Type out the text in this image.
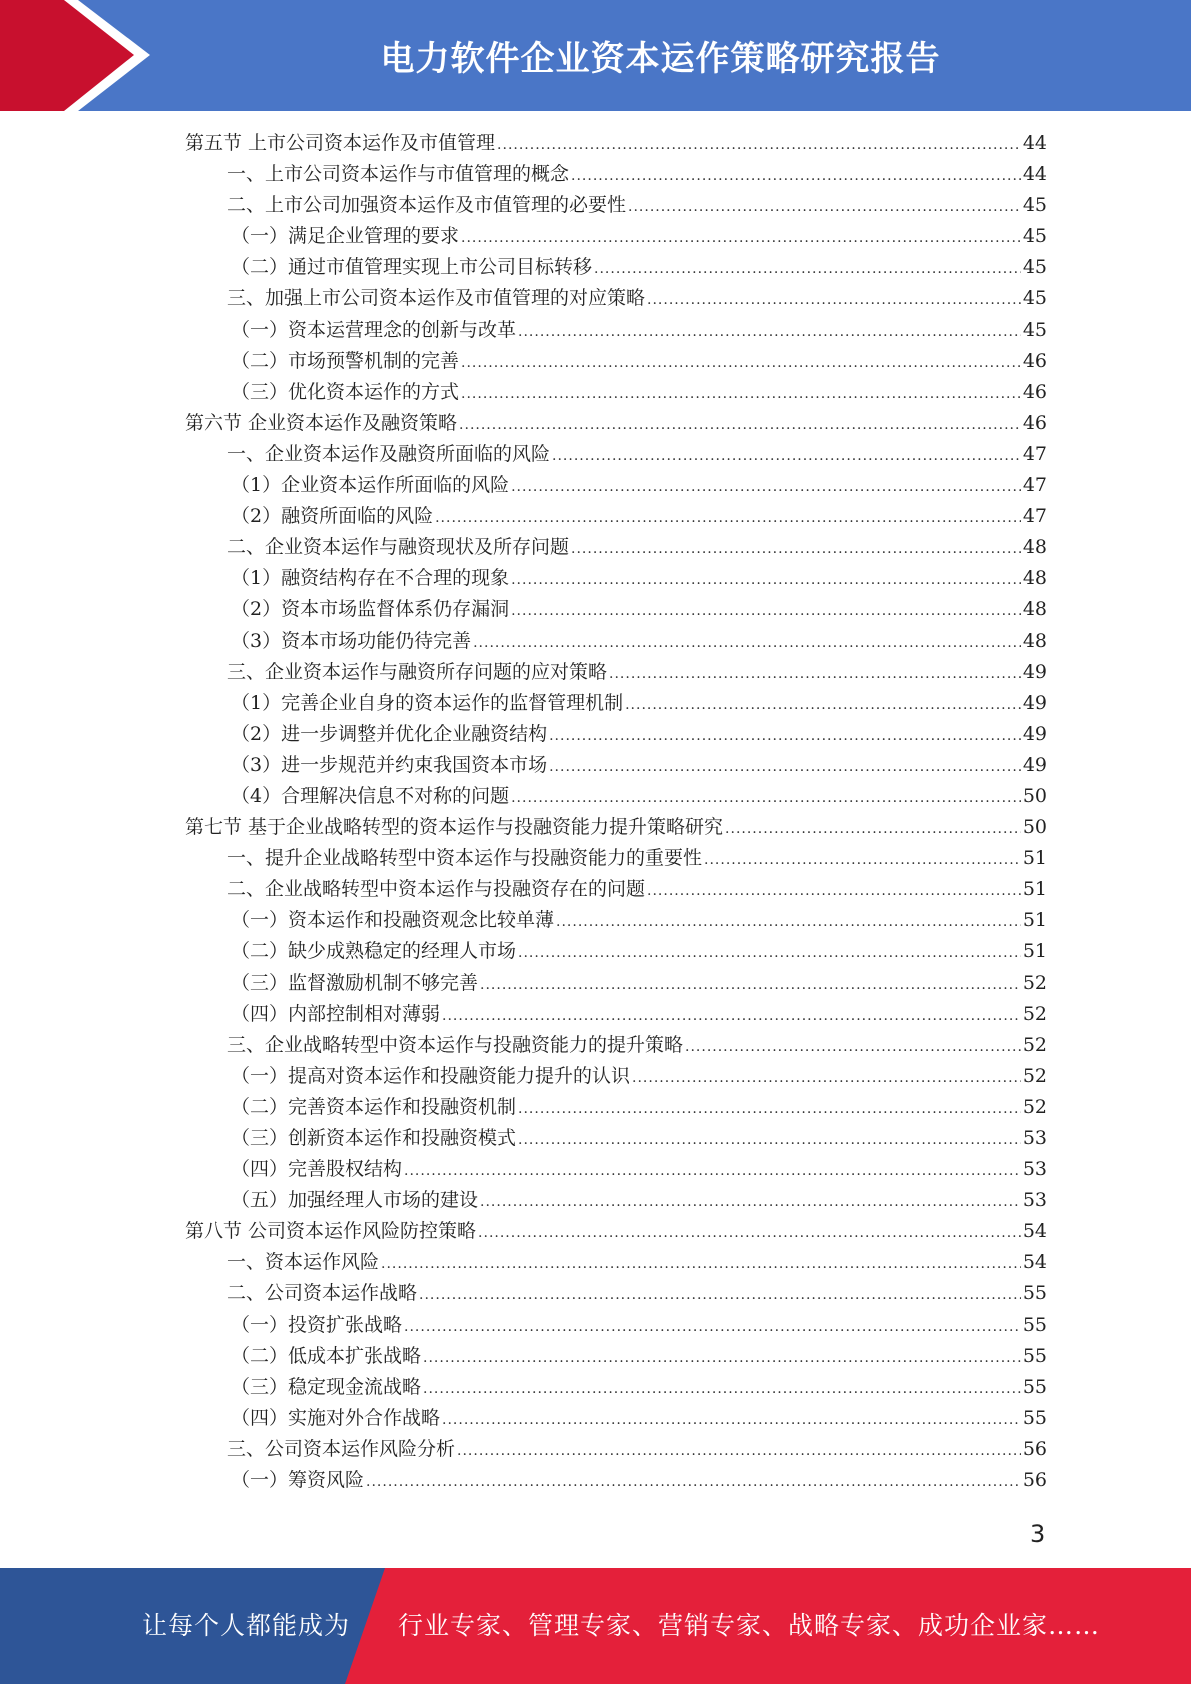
电力软件企业资本运作策略研究报告
第五节 上市公司资本运作及市值管理 .....	44
一、上市公司资本运作与市值管理的概念 .....	44
二、上市公司加强资本运作及市值管理的必要性 .....	45
（一）满足企业管理的要求 .....	45
（二）通过市值管理实现上市公司目标转移 .....	45
三、加强上市公司资本运作及市值管理的对应策略 .....	45
（一）资本运营理念的创新与改革 .....	45
（二）市场预警机制的完善 .....	46
（三）优化资本运作的方式 .....	46
第六节 企业资本运作及融资策略 .....	46
一、企业资本运作及融资所面临的风险 .....	47
（1）企业资本运作所面临的风险 .....	47
（2）融资所面临的风险 .....	47
二、企业资本运作与融资现状及所存问题 .....	48
（1）融资结构存在不合理的现象 .....	48
（2）资本市场监督体系仍存漏洞 .....	48
（3）资本市场功能仍待完善 .....	48
三、企业资本运作与融资所存问题的应对策略 .....	49
（1）完善企业自身的资本运作的监督管理机制 .....	49
（2）进一步调整并优化企业融资结构 .....	49
（3）进一步规范并约束我国资本市场 .....	49
（4）合理解决信息不对称的问题 .....	50
第七节 基于企业战略转型的资本运作与投融资能力提升策略研究 .....	50
一、提升企业战略转型中资本运作与投融资能力的重要性 .....	51
二、企业战略转型中资本运作与投融资存在的问题 .....	51
（一）资本运作和投融资观念比较单薄 .....	51
（二）缺少成熟稳定的经理人市场 .....	51
（三）监督激励机制不够完善 .....	52
（四）内部控制相对薄弱 .....	52
三、企业战略转型中资本运作与投融资能力的提升策略 .....	52
（一）提高对资本运作和投融资能力提升的认识 .....	52
（二）完善资本运作和投融资机制 .....	52
（三）创新资本运作和投融资模式 .....	53
（四）完善股权结构 .....	53
（五）加强经理人市场的建设 .....	53
第八节 公司资本运作风险防控策略 .....	54
一、资本运作风险 .....	54
二、公司资本运作战略 .....	55
（一）投资扩张战略 .....	55
（二）低成本扩张战略 .....	55
（三）稳定现金流战略 .....	55
（四）实施对外合作战略 .....	55
三、公司资本运作风险分析 .....	56
（一）筹资风险 .....	56
3
让每个人都能成为 行业专家、管理专家、营销专家、战略专家、成功企业家……
